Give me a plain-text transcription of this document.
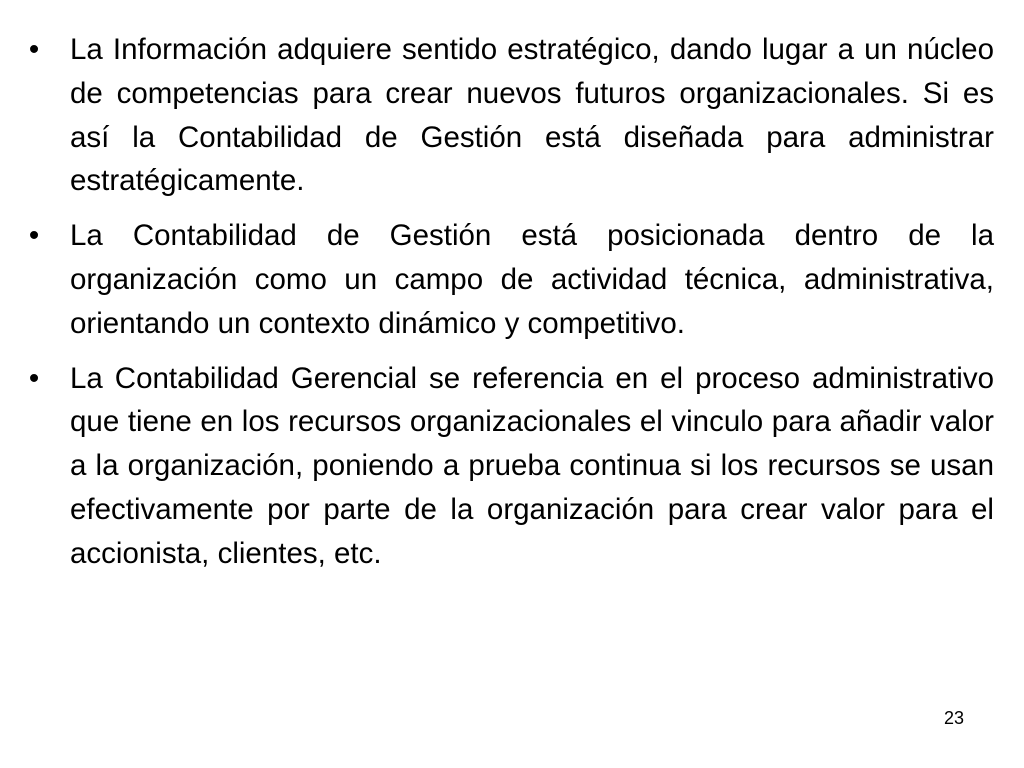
• La Información adquiere sentido estratégico, dando lugar a un núcleo de competencias para crear nuevos futuros organizacionales. Si es así la Contabilidad de Gestión está diseñada para administrar estratégicamente.
• La Contabilidad de Gestión está posicionada dentro de la organización como un campo de actividad técnica, administrativa, orientando un contexto dinámico y competitivo.
• La Contabilidad Gerencial se referencia en el proceso administrativo que tiene en los recursos organizacionales el vinculo para añadir valor a la organización, poniendo a prueba continua si los recursos se usan efectivamente por parte de la organización para crear valor para el accionista, clientes, etc.
23
